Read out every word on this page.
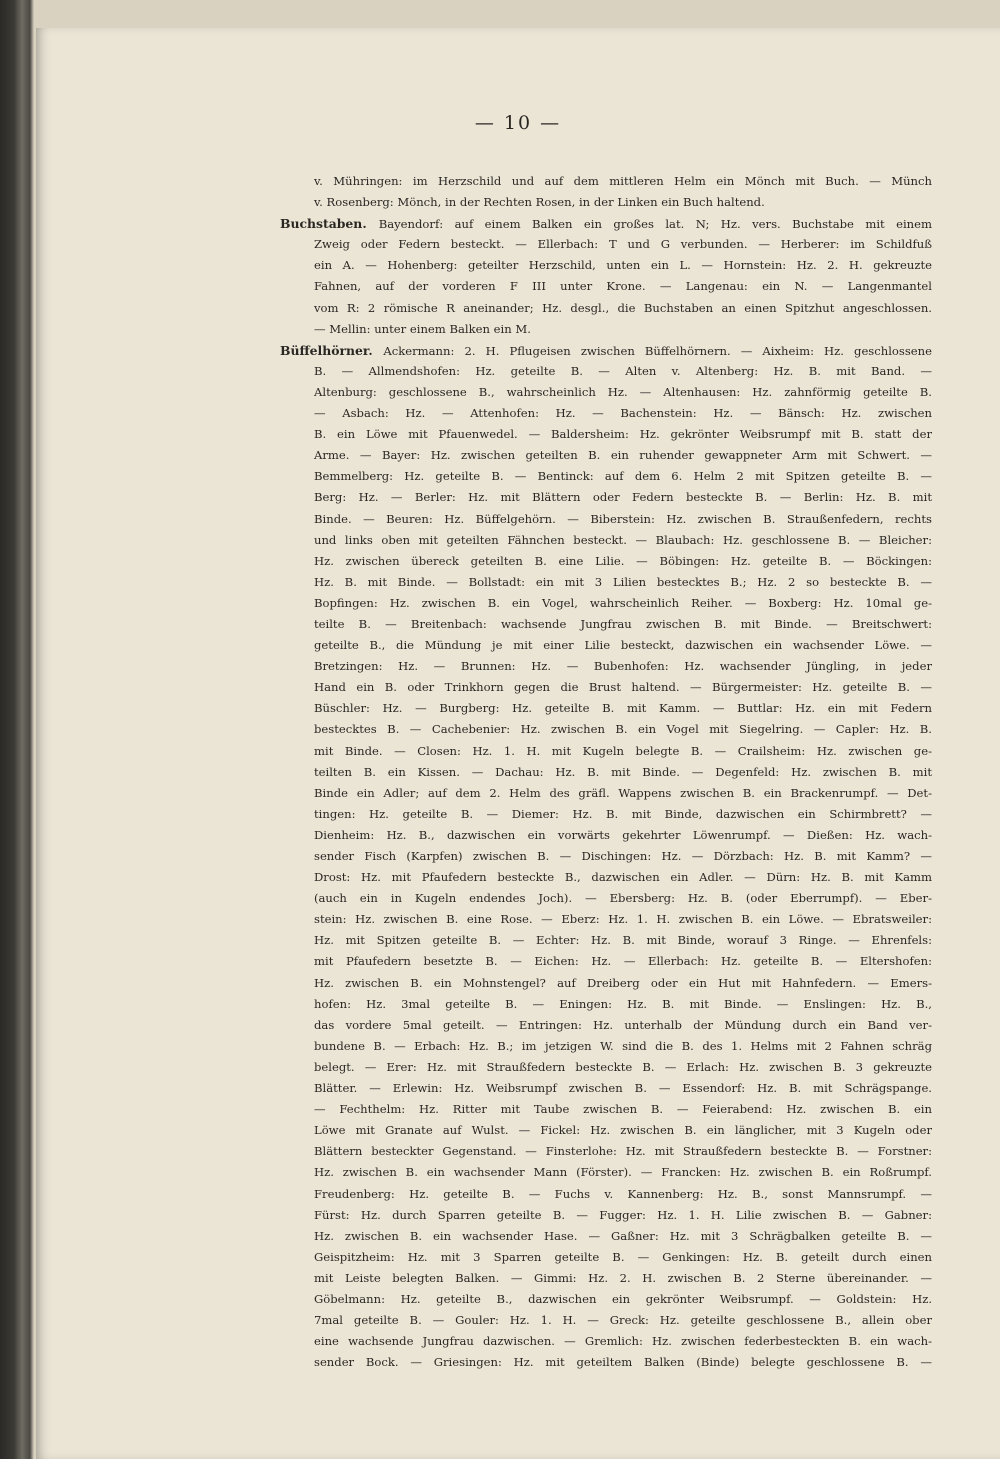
— 10 —
v. Mühringen: im Herzschild und auf dem mittleren Helm ein Mönch mit Buch. — Münch
v. Rosenberg: Mönch, in der Rechten Rosen, in der Linken ein Buch haltend.
Buchstaben. Bayendorf: auf einem Balken ein großes lat. N; Hz. vers. Buchstabe mit einem
Zweig oder Federn besteckt. — Ellerbach: T und G verbunden. — Herberer: im Schildfuß
ein A. — Hohenberg: geteilter Herzschild, unten ein L. — Hornstein: Hz. 2. H. gekreuzte
Fahnen, auf der vorderen F III unter Krone. — Langenau: ein N. — Langenmantel
vom R: 2 römische R aneinander; Hz. desgl., die Buchstaben an einen Spitzhut angeschlossen.
— Mellin: unter einem Balken ein M.
Büffelhörner. Ackermann: 2. H. Pflugeisen zwischen Büffelhörnern. — Aixheim: Hz. geschlossene
B. — Allmendshofen: Hz. geteilte B. — Alten v. Altenberg: Hz. B. mit Band. —
Altenburg: geschlossene B., wahrscheinlich Hz. — Altenhausen: Hz. zahnförmig geteilte B.
— Asbach: Hz. — Attenhofen: Hz. — Bachenstein: Hz. — Bänsch: Hz. zwischen
B. ein Löwe mit Pfauenwedel. — Baldersheim: Hz. gekrönter Weibsrumpf mit B. statt der
Arme. — Bayer: Hz. zwischen geteilten B. ein ruhender gewappneter Arm mit Schwert. —
Bemmelberg: Hz. geteilte B. — Bentinck: auf dem 6. Helm 2 mit Spitzen geteilte B. —
Berg: Hz. — Berler: Hz. mit Blättern oder Federn besteckte B. — Berlin: Hz. B. mit
Binde. — Beuren: Hz. Büffelgehörn. — Biberstein: Hz. zwischen B. Straußenfedern, rechts
und links oben mit geteilten Fähnchen besteckt. — Blaubach: Hz. geschlossene B. — Bleicher:
Hz. zwischen übereck geteilten B. eine Lilie. — Böbingen: Hz. geteilte B. — Böckingen:
Hz. B. mit Binde. — Bollstadt: ein mit 3 Lilien bestecktes B.; Hz. 2 so besteckte B. —
Bopfingen: Hz. zwischen B. ein Vogel, wahrscheinlich Reiher. — Boxberg: Hz. 10mal ge-
teilte B. — Breitenbach: wachsende Jungfrau zwischen B. mit Binde. — Breitschwert:
geteilte B., die Mündung je mit einer Lilie besteckt, dazwischen ein wachsender Löwe. —
Bretzingen: Hz. — Brunnen: Hz. — Bubenhofen: Hz. wachsender Jüngling, in jeder
Hand ein B. oder Trinkhorn gegen die Brust haltend. — Bürgermeister: Hz. geteilte B. —
Büschler: Hz. — Burgberg: Hz. geteilte B. mit Kamm. — Buttlar: Hz. ein mit Federn
bestecktes B. — Cachebenier: Hz. zwischen B. ein Vogel mit Siegelring. — Capler: Hz. B.
mit Binde. — Closen: Hz. 1. H. mit Kugeln belegte B. — Crailsheim: Hz. zwischen ge-
teilten B. ein Kissen. — Dachau: Hz. B. mit Binde. — Degenfeld: Hz. zwischen B. mit
Binde ein Adler; auf dem 2. Helm des gräfl. Wappens zwischen B. ein Brackenrumpf. — Det-
tingen: Hz. geteilte B. — Diemer: Hz. B. mit Binde, dazwischen ein Schirmbrett? —
Dienheim: Hz. B., dazwischen ein vorwärts gekehrter Löwenrumpf. — Dießen: Hz. wach-
sender Fisch (Karpfen) zwischen B. — Dischingen: Hz. — Dörzbach: Hz. B. mit Kamm? —
Drost: Hz. mit Pfaufedern besteckte B., dazwischen ein Adler. — Dürn: Hz. B. mit Kamm
(auch ein in Kugeln endendes Joch). — Ebersberg: Hz. B. (oder Eberrumpf). — Eber-
stein: Hz. zwischen B. eine Rose. — Eberz: Hz. 1. H. zwischen B. ein Löwe. — Ebratsweiler:
Hz. mit Spitzen geteilte B. — Echter: Hz. B. mit Binde, worauf 3 Ringe. — Ehrenfels:
mit Pfaufedern besetzte B. — Eichen: Hz. — Ellerbach: Hz. geteilte B. — Eltershofen:
Hz. zwischen B. ein Mohnstengel? auf Dreiberg oder ein Hut mit Hahnfedern. — Emers-
hofen: Hz. 3mal geteilte B. — Eningen: Hz. B. mit Binde. — Enslingen: Hz. B.,
das vordere 5mal geteilt. — Entringen: Hz. unterhalb der Mündung durch ein Band ver-
bundene B. — Erbach: Hz. B.; im jetzigen W. sind die B. des 1. Helms mit 2 Fahnen schräg
belegt. — Erer: Hz. mit Straußfedern besteckte B. — Erlach: Hz. zwischen B. 3 gekreuzte
Blätter. — Erlewin: Hz. Weibsrumpf zwischen B. — Essendorf: Hz. B. mit Schrägspange.
— Fechthelm: Hz. Ritter mit Taube zwischen B. — Feierabend: Hz. zwischen B. ein
Löwe mit Granate auf Wulst. — Fickel: Hz. zwischen B. ein länglicher, mit 3 Kugeln oder
Blättern besteckter Gegenstand. — Finsterlohe: Hz. mit Straußfedern besteckte B. — Forstner:
Hz. zwischen B. ein wachsender Mann (Förster). — Francken: Hz. zwischen B. ein Roßrumpf.
Freudenberg: Hz. geteilte B. — Fuchs v. Kannenberg: Hz. B., sonst Mannsrumpf. —
Fürst: Hz. durch Sparren geteilte B. — Fugger: Hz. 1. H. Lilie zwischen B. — Gabner:
Hz. zwischen B. ein wachsender Hase. — Gaßner: Hz. mit 3 Schrägbalken geteilte B. —
Geispitzheim: Hz. mit 3 Sparren geteilte B. — Genkingen: Hz. B. geteilt durch einen
mit Leiste belegten Balken. — Gimmi: Hz. 2. H. zwischen B. 2 Sterne übereinander. —
Göbelmann: Hz. geteilte B., dazwischen ein gekrönter Weibsrumpf. — Goldstein: Hz.
7mal geteilte B. — Gouler: Hz. 1. H. — Greck: Hz. geteilte geschlossene B., allein ober
eine wachsende Jungfrau dazwischen. — Gremlich: Hz. zwischen federbesteckten B. ein wach-
sender Bock. — Griesingen: Hz. mit geteiltem Balken (Binde) belegte geschlossene B. —
